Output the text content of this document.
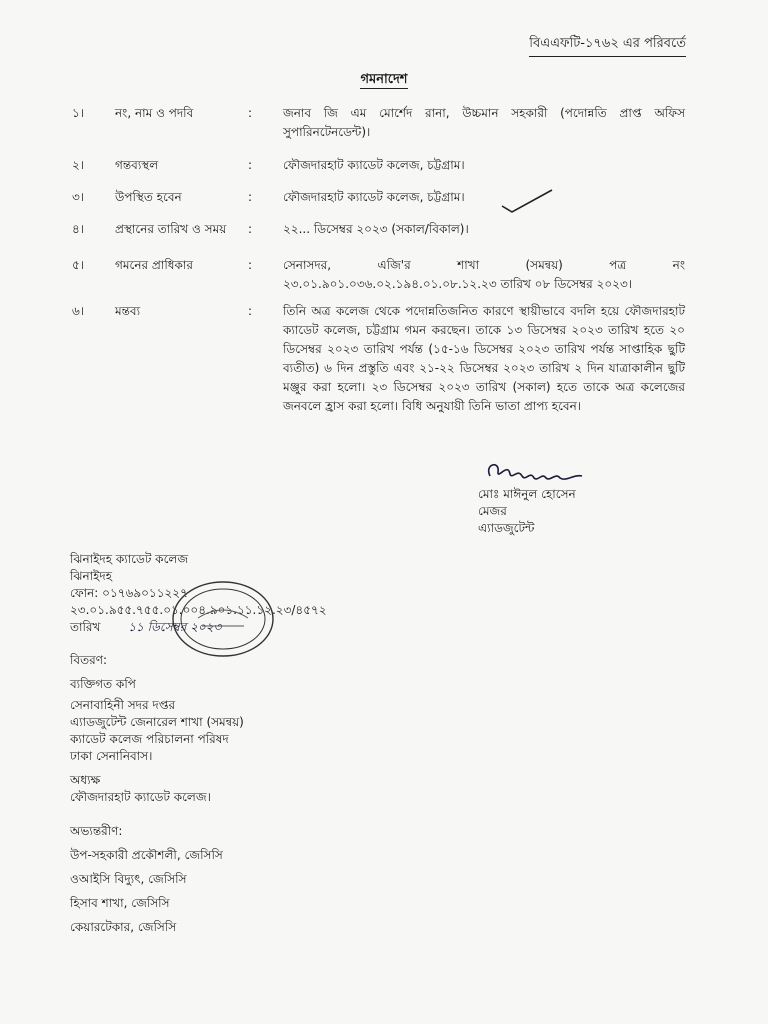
বিএএফটি-১৭৬২ এর পরিবর্তে
গমনাদেশ
১।	নং, নাম ও পদবি	:	জনাব জি এম মোর্শেদ রানা, উচ্চমান সহকারী (পদোন্নতি প্রাপ্ত অফিস সুপারিনটেনডেন্ট)।
২।	গন্তব্যস্থল	:	ফৌজদারহাট ক্যাডেট কলেজ, চট্টগ্রাম।
৩।	উপস্থিত হবেন	:	ফৌজদারহাট ক্যাডেট কলেজ, চট্টগ্রাম।
৪।	প্রস্থানের তারিখ ও সময় :	২২... ডিসেম্বর ২০২৩ (সকাল/বিকাল)।
৫।	গমনের প্রাধিকার	:	সেনাসদর, এজি'র শাখা (সমন্বয়) পত্র নং ২৩.০১.৯০১.০৩৬.০২.১৯৪.০১.০৮.১২.২৩ তারিখ ০৮ ডিসেম্বর ২০২৩।
৬।	মন্তব্য	:	তিনি অত্র কলেজ থেকে পদোন্নতিজনিত কারণে স্থায়ীভাবে বদলি হয়ে ফৌজদারহাট ক্যাডেট কলেজ, চট্টগ্রাম গমন করছেন। তাকে ১৩ ডিসেম্বর ২০২৩ তারিখ হতে ২০ ডিসেম্বর ২০২৩ তারিখ পর্যন্ত (১৫-১৬ ডিসেম্বর ২০২৩ তারিখ পর্যন্ত সাপ্তাহিক ছুটি ব্যতীত) ৬ দিন প্রস্তুতি এবং ২১-২২ ডিসেম্বর ২০২৩ তারিখ ২ দিন যাত্রাকালীন ছুটি মঞ্জুর করা হলো। ২৩ ডিসেম্বর ২০২৩ তারিখ (সকাল) হতে তাকে অত্র কলেজের জনবলে হ্রাস করা হলো। বিধি অনুযায়ী তিনি ভাতা প্রাপ্য হবেন।
মোঃ মাঈনুল হোসেন
মেজর
এ্যাডজুটেন্ট
ঝিনাইদহ ক্যাডেট কলেজ
ঝিনাইদহ
ফোন: ০১৭৬৯০১১২২৭
২৩.০১.৯৫৫.৭৫৫.০১.০০৪.৯০১.১১.১২.২৩/৪৫৭২
তারিখ ১১ ডিসেম্বর ২০২৩
বিতরণ:
ব্যক্তিগত কপি
সেনাবাহিনী সদর দপ্তর
এ্যাডজুটেন্ট জেনারেল শাখা (সমন্বয়)
ক্যাডেট কলেজ পরিচালনা পরিষদ
ঢাকা সেনানিবাস।
অধ্যক্ষ
ফৌজদারহাট ক্যাডেট কলেজ।
অভ্যন্তরীণ:
উপ-সহকারী প্রকৌশলী, জেসিসি
ওআইসি বিদ্যুৎ, জেসিসি
হিসাব শাখা, জেসিসি
কেয়ারটেকার, জেসিসি
